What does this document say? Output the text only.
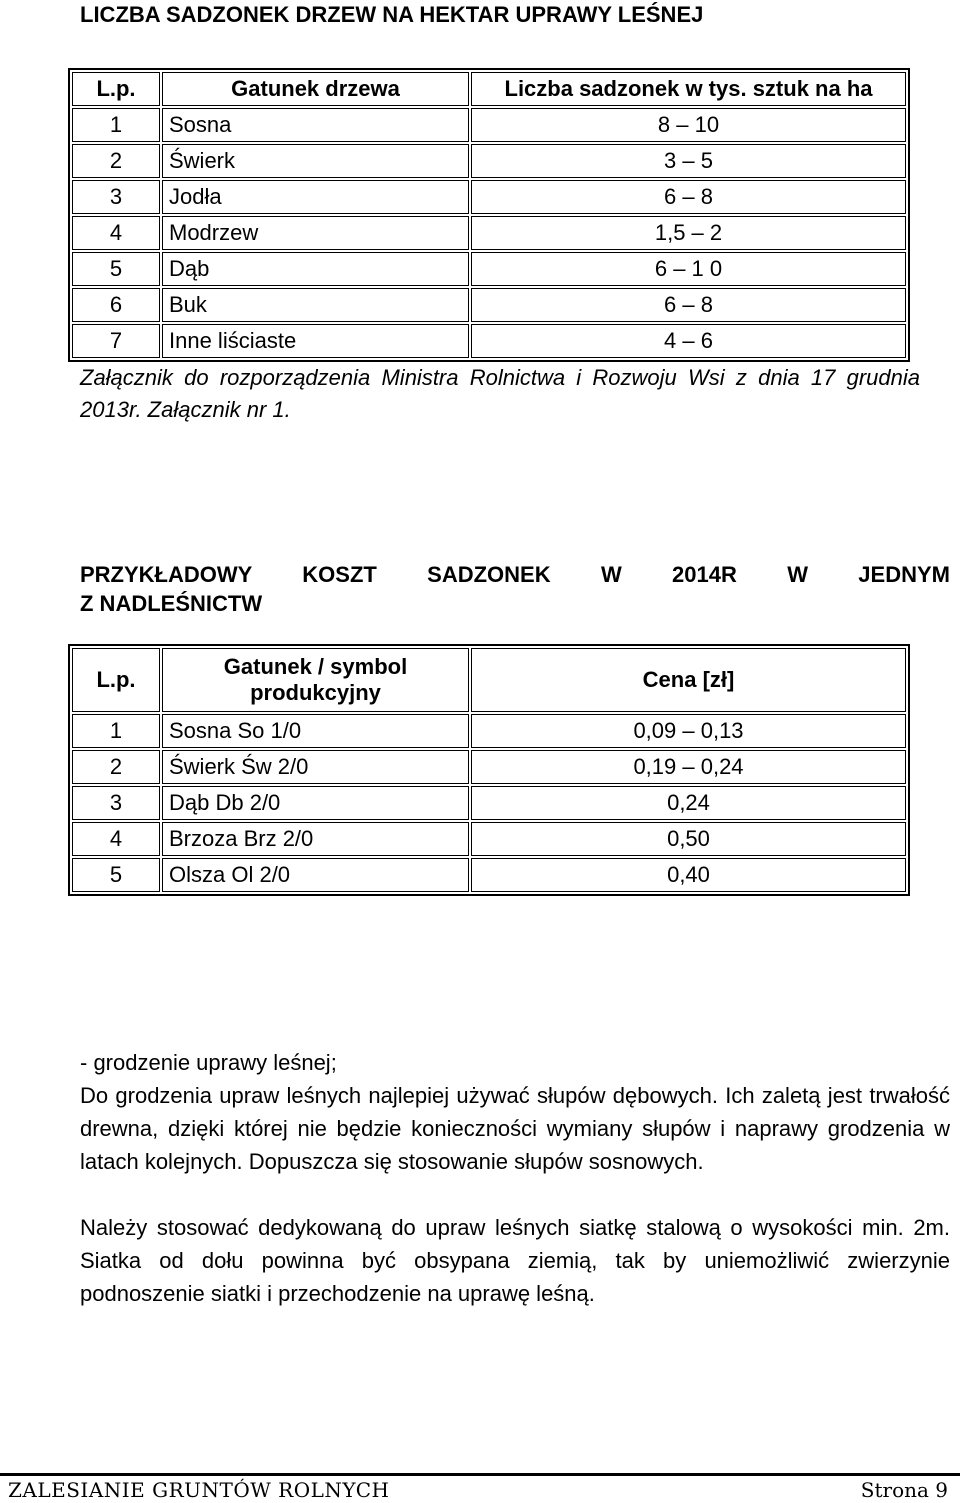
LICZBA SADZONEK DRZEW NA HEKTAR UPRAWY LEŚNEJ
L.p.	Gatunek drzewa	Liczba sadzonek w tys. sztuk na ha
1	Sosna	8 – 10
2	Świerk	3 – 5
3	Jodła	6 – 8
4	Modrzew	1,5 – 2
5	Dąb	6 – 1 0
6	Buk	6 – 8
7	Inne liściaste	4 – 6

Załącznik do rozporządzenia Ministra Rolnictwa i Rozwoju Wsi z dnia 17 grudnia 2013r. Załącznik nr 1.

PRZYKŁADOWY KOSZT SADZONEK W 2014R W JEDNYM
Z NADLEŚNICTW
L.p.	Gatunek / symbol produkcyjny	Cena [zł]
1	Sosna So 1/0	0,09 – 0,13
2	Świerk Św 2/0	0,19 – 0,24
3	Dąb Db 2/0	0,24
4	Brzoza Brz 2/0	0,50
5	Olsza Ol 2/0	0,40

- grodzenie uprawy leśnej;

Do grodzenia upraw leśnych najlepiej używać słupów dębowych. Ich zaletą jest trwałość drewna, dzięki której nie będzie konieczności wymiany słupów i naprawy grodzenia w latach kolejnych. Dopuszcza się stosowanie słupów sosnowych.

Należy stosować dedykowaną do upraw leśnych siatkę stalową o wysokości min. 2m. Siatka od dołu powinna być obsypana ziemią, tak by uniemożliwić zwierzynie podnoszenie siatki i przechodzenie na uprawę leśną.

ZALESIANIE GRUNTÓW ROLNYCH	Strona 9
